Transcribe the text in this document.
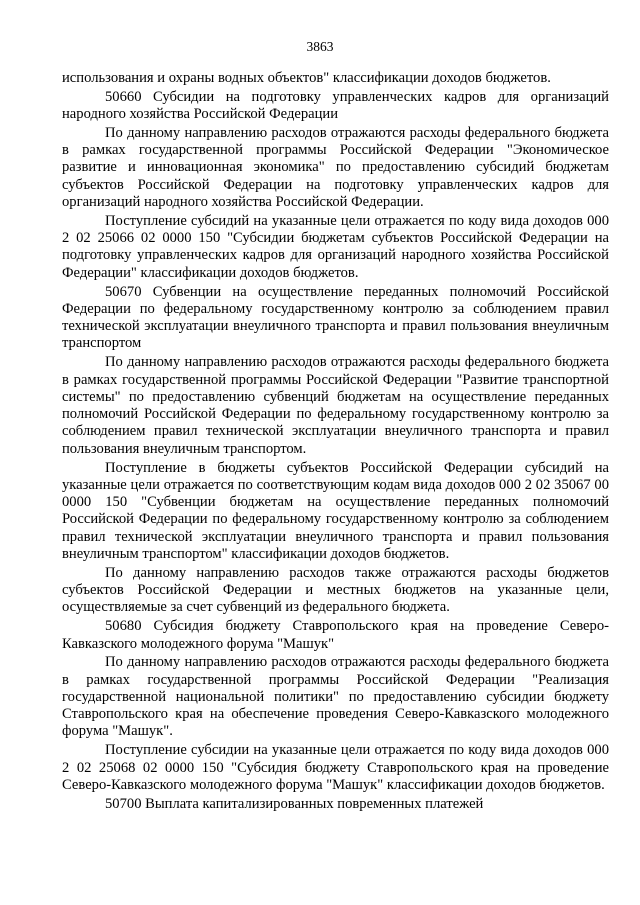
3863

использования и охраны водных объектов" классификации доходов бюджетов.

50660 Субсидии на подготовку управленческих кадров для организаций народного хозяйства Российской Федерации

По данному направлению расходов отражаются расходы федерального бюджета в рамках государственной программы Российской Федерации "Экономическое развитие и инновационная экономика" по предоставлению субсидий бюджетам субъектов Российской Федерации на подготовку управленческих кадров для организаций народного хозяйства Российской Федерации.

Поступление субсидий на указанные цели отражается по коду вида доходов 000 2 02 25066 02 0000 150 "Субсидии бюджетам субъектов Российской Федерации на подготовку управленческих кадров для организаций народного хозяйства Российской Федерации" классификации доходов бюджетов.

50670 Субвенции на осуществление переданных полномочий Российской Федерации по федеральному государственному контролю за соблюдением правил технической эксплуатации внеуличного транспорта и правил пользования внеуличным транспортом

По данному направлению расходов отражаются расходы федерального бюджета в рамках государственной программы Российской Федерации "Развитие транспортной системы" по предоставлению субвенций бюджетам на осуществление переданных полномочий Российской Федерации по федеральному государственному контролю за соблюдением правил технической эксплуатации внеуличного транспорта и правил пользования внеуличным транспортом.

Поступление в бюджеты субъектов Российской Федерации субсидий на указанные цели отражается по соответствующим кодам вида доходов 000 2 02 35067 00 0000 150 "Субвенции бюджетам на осуществление переданных полномочий Российской Федерации по федеральному государственному контролю за соблюдением правил технической эксплуатации внеуличного транспорта и правил пользования внеуличным транспортом" классификации доходов бюджетов.

По данному направлению расходов также отражаются расходы бюджетов субъектов Российской Федерации и местных бюджетов на указанные цели, осуществляемые за счет субвенций из федерального бюджета.

50680 Субсидия бюджету Ставропольского края на проведение Северо-Кавказского молодежного форума "Машук"

По данному направлению расходов отражаются расходы федерального бюджета в рамках государственной программы Российской Федерации "Реализация государственной национальной политики" по предоставлению субсидии бюджету Ставропольского края на обеспечение проведения Северо-Кавказского молодежного форума "Машук".

Поступление субсидии на указанные цели отражается по коду вида доходов 000 2 02 25068 02 0000 150 "Субсидия бюджету Ставропольского края на проведение Северо-Кавказского молодежного форума "Машук" классификации доходов бюджетов.

50700 Выплата капитализированных повременных платежей
